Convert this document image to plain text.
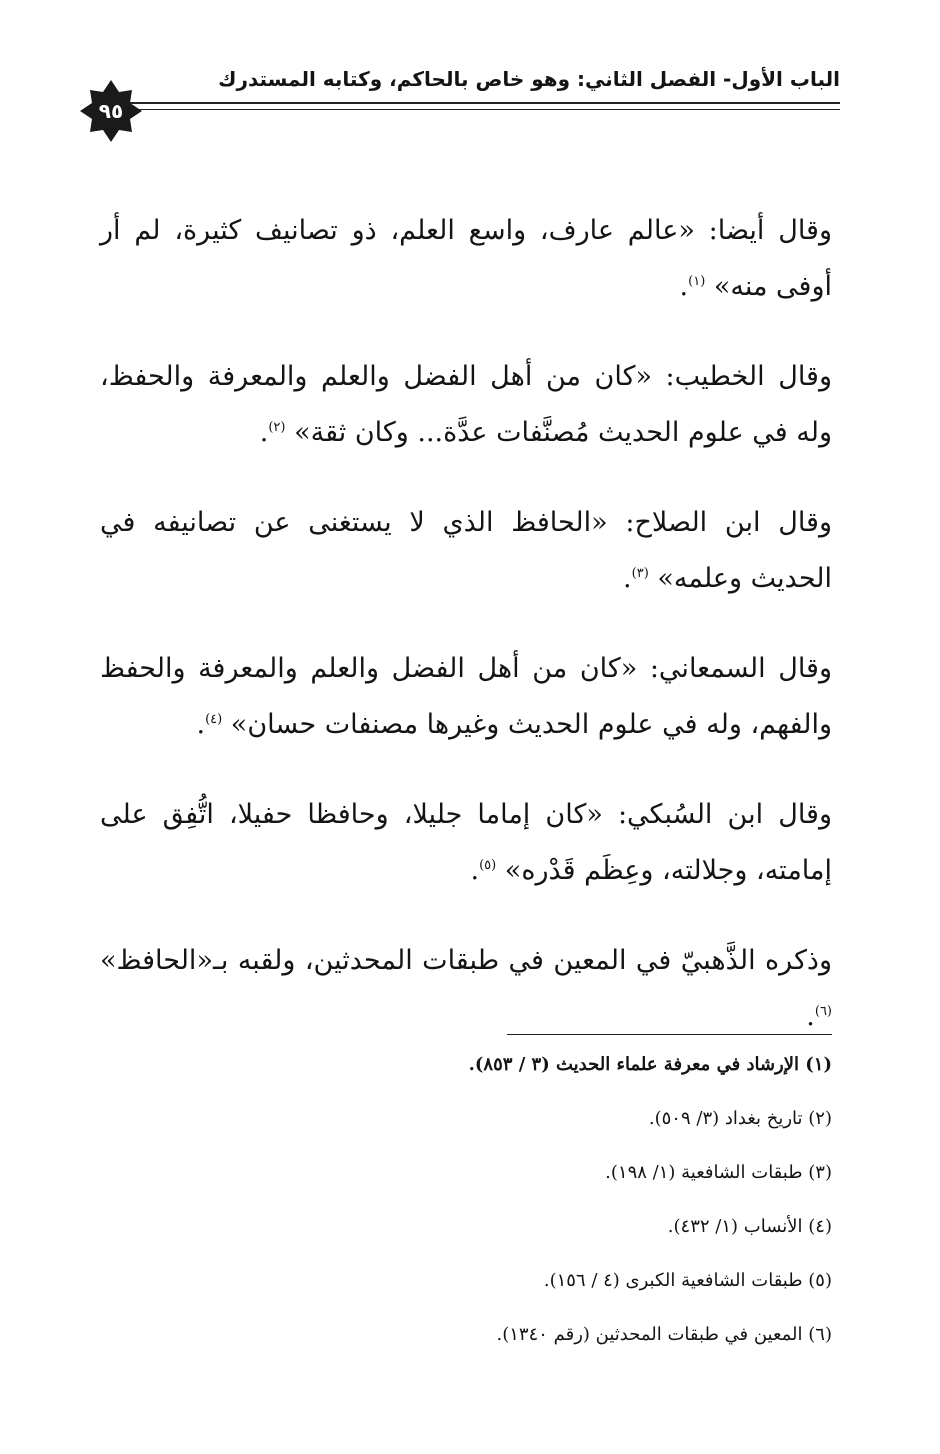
الباب الأول- الفصل الثاني: وهو خاص بالحاكم، وكتابه المستدرك
٩٥

وقال أيضا: «عالم عارف، واسع العلم، ذو تصانيف كثيرة، لم أر أوفى منه» $^{(١)}$.

وقال الخطيب: «كان من أهل الفضل والعلم والمعرفة والحفظ، وله في علوم الحديث مُصنَّفات عدَّة... وكان ثقة» $^{(٢)}$.

وقال ابن الصلاح: «الحافظ الذي لا يستغنى عن تصانيفه في الحديث وعلمه» $^{(٣)}$.

وقال السمعاني: «كان من أهل الفضل والعلم والمعرفة والحفظ والفهم، وله في علوم الحديث وغيرها مصنفات حسان» $^{(٤)}$.

وقال ابن السُبكي: «كان إماما جليلا، وحافظا حفيلا، اتُّفِق على إمامته، وجلالته، وعِظَم قَدْره» $^{(٥)}$.

وذكره الذَّهبيّ في المعين في طبقات المحدثين، ولقبه بـ«الحافظ» $^{(٦)}$.

(١) الإرشاد في معرفة علماء الحديث (٣ / ٨٥٣).

(٢) تاريخ بغداد (٣/ ٥٠٩).

(٣) طبقات الشافعية (١/ ١٩٨).

(٤) الأنساب (١/ ٤٣٢).

(٥) طبقات الشافعية الكبرى (٤ / ١٥٦).

(٦) المعين في طبقات المحدثين (رقم ١٣٤٠).
